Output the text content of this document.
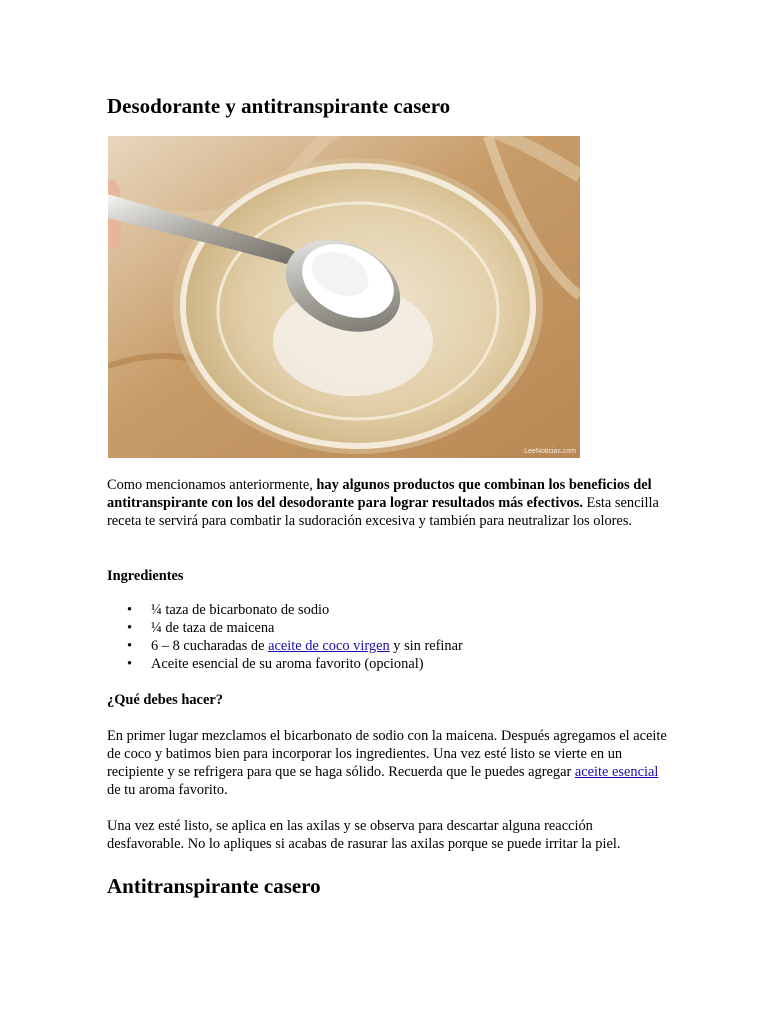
Desodorante y antitranspirante casero
LeeNoticias.com

Como mencionamos anteriormente, hay algunos productos que combinan los beneficios del antitranspirante con los del desodorante para lograr resultados más efectivos. Esta sencilla receta te servirá para combatir la sudoración excesiva y también para neutralizar los olores.

Ingredientes
• ¼ taza de bicarbonato de sodio
• ¼ de taza de maicena
• 6 – 8 cucharadas de aceite de coco virgen y sin refinar
• Aceite esencial de su aroma favorito (opcional)
¿Qué debes hacer?

En primer lugar mezclamos el bicarbonato de sodio con la maicena. Después agregamos el aceite de coco y batimos bien para incorporar los ingredientes. Una vez esté listo se vierte en un recipiente y se refrigera para que se haga sólido. Recuerda que le puedes agregar aceite esencial de tu aroma favorito.

Una vez esté listo, se aplica en las axilas y se observa para descartar alguna reacción desfavorable. No lo apliques si acabas de rasurar las axilas porque se puede irritar la piel.

Antitranspirante casero
